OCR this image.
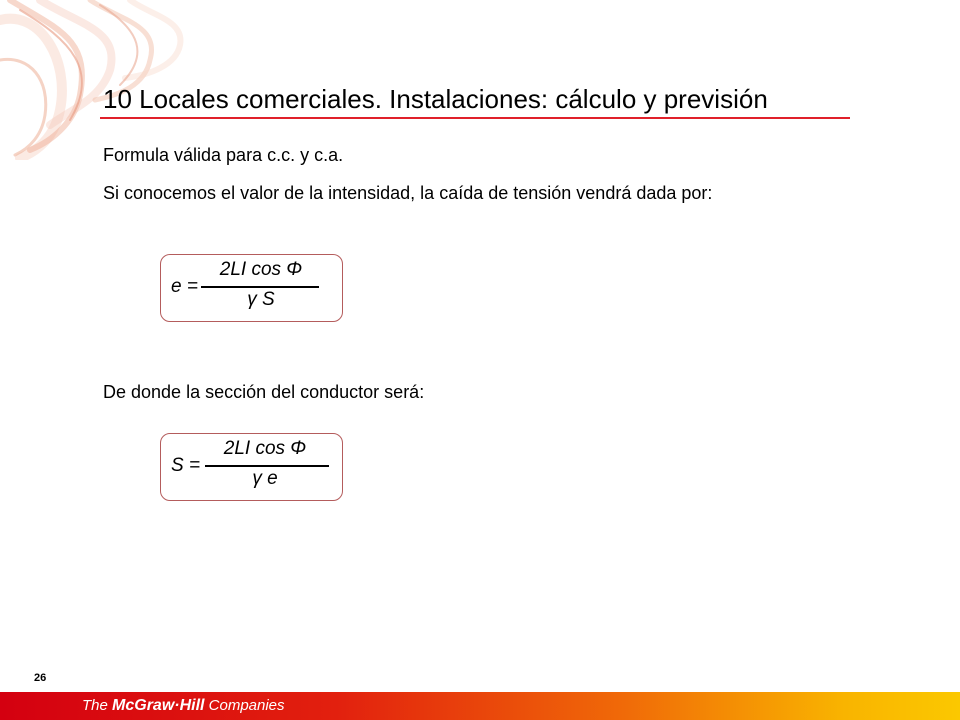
10 Locales comerciales. Instalaciones: cálculo y previsión
Formula válida para c.c. y c.a.
Si conocemos el valor de la intensidad, la caída de tensión vendrá dada por:
e =
2LI cos Φ
γ S
De donde la sección del conductor será:
S =
2LI cos Φ
γ e
26
The McGraw·Hill Companies
